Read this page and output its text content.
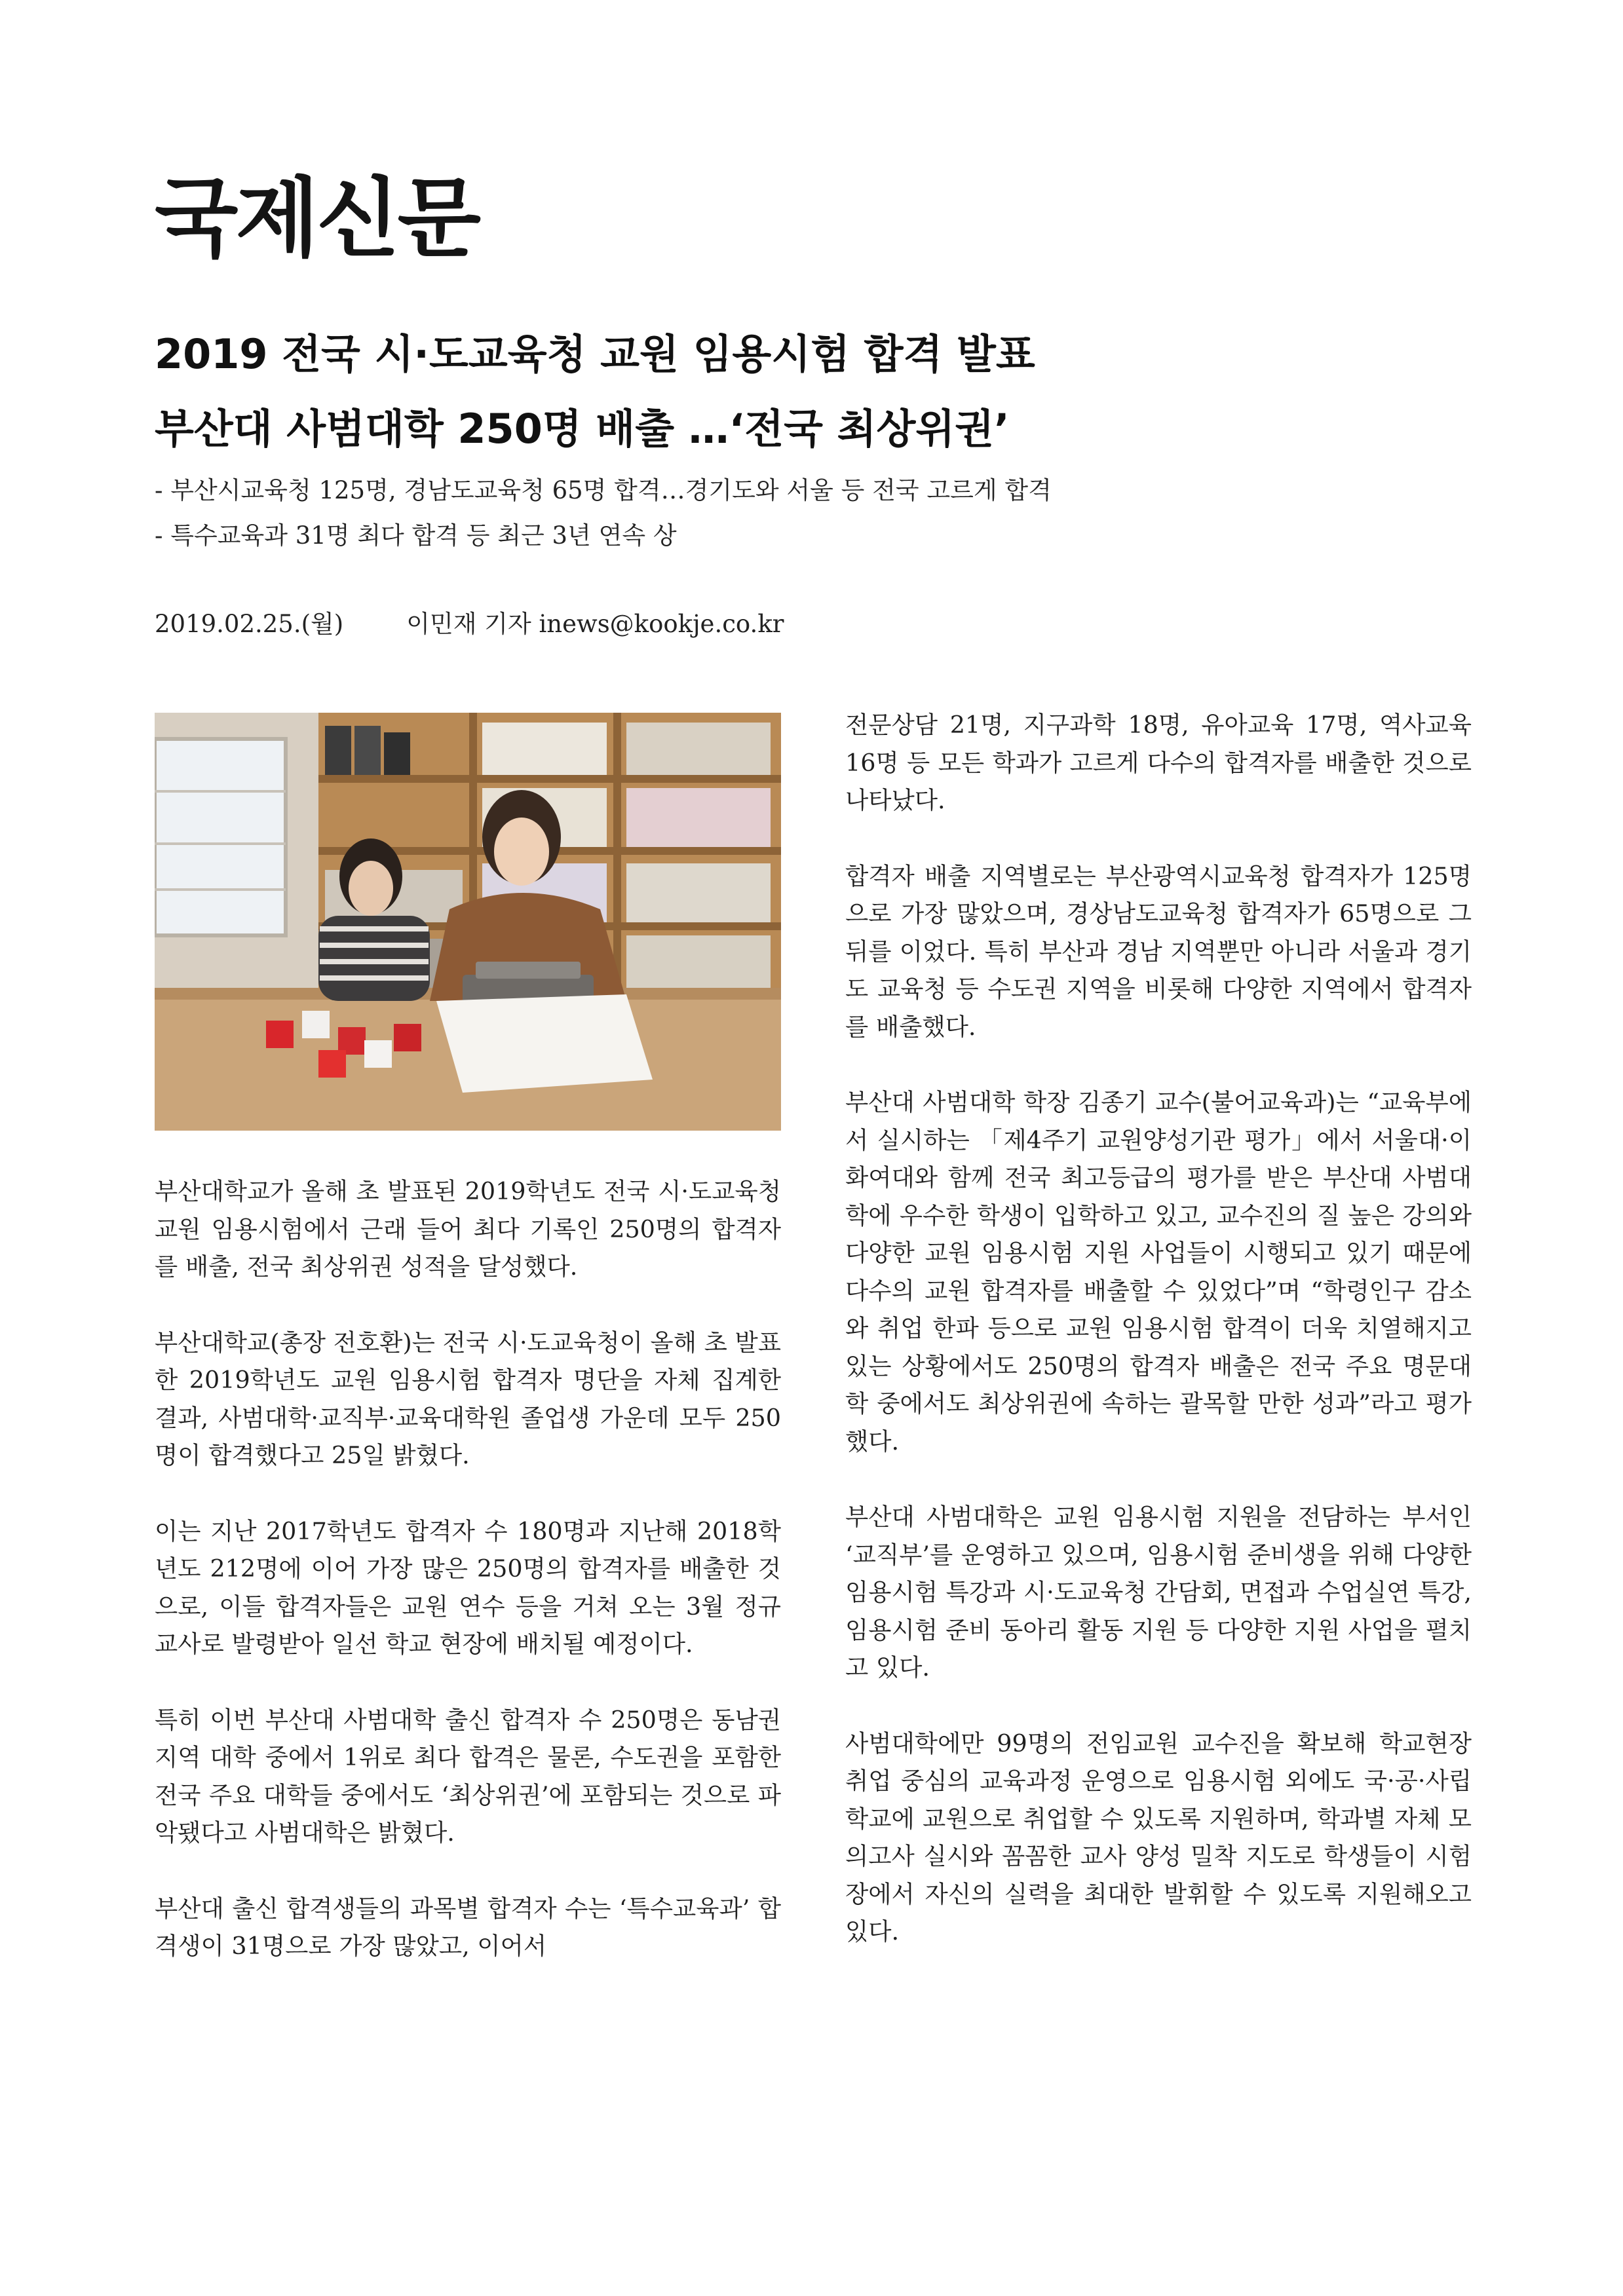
국제신문
2019 전국 시·도교육청 교원 임용시험 합격 발표
부산대 사범대학 250명 배출 …‘전국 최상위권’
- 부산시교육청 125명, 경남도교육청 65명 합격…경기도와 서울 등 전국 고르게 합격
- 특수교육과 31명 최다 합격 등 최근 3년 연속 상
2019.02.25.(월)	이민재 기자 inews@kookje.co.kr

부산대학교가 올해 초 발표된 2019학년도 전국 시·도교육청 교원 임용시험에서 근래 들어 최다 기록인 250명의 합격자를 배출, 전국 최상위권 성적을 달성했다.

부산대학교(총장 전호환)는 전국 시·도교육청이 올해 초 발표한 2019학년도 교원 임용시험 합격자 명단을 자체 집계한 결과, 사범대학·교직부·교육대학원 졸업생 가운데 모두 250명이 합격했다고 25일 밝혔다.

이는 지난 2017학년도 합격자 수 180명과 지난해 2018학년도 212명에 이어 가장 많은 250명의 합격자를 배출한 것으로, 이들 합격자들은 교원 연수 등을 거쳐 오는 3월 정규 교사로 발령받아 일선 학교 현장에 배치될 예정이다.

특히 이번 부산대 사범대학 출신 합격자 수 250명은 동남권 지역 대학 중에서 1위로 최다 합격은 물론, 수도권을 포함한 전국 주요 대학들 중에서도 ‘최상위권’에 포함되는 것으로 파악됐다고 사범대학은 밝혔다.

부산대 출신 합격생들의 과목별 합격자 수는 ‘특수교육과’ 합격생이 31명으로 가장 많았고, 이어서

전문상담 21명, 지구과학 18명, 유아교육 17명, 역사교육 16명 등 모든 학과가 고르게 다수의 합격자를 배출한 것으로 나타났다.

합격자 배출 지역별로는 부산광역시교육청 합격자가 125명으로 가장 많았으며, 경상남도교육청 합격자가 65명으로 그 뒤를 이었다. 특히 부산과 경남 지역뿐만 아니라 서울과 경기도 교육청 등 수도권 지역을 비롯해 다양한 지역에서 합격자를 배출했다.

부산대 사범대학 학장 김종기 교수(불어교육과)는 “교육부에서 실시하는 「제4주기 교원양성기관 평가」에서 서울대·이화여대와 함께 전국 최고등급의 평가를 받은 부산대 사범대학에 우수한 학생이 입학하고 있고, 교수진의 질 높은 강의와 다양한 교원 임용시험 지원 사업들이 시행되고 있기 때문에 다수의 교원 합격자를 배출할 수 있었다”며 “학령인구 감소와 취업 한파 등으로 교원 임용시험 합격이 더욱 치열해지고 있는 상황에서도 250명의 합격자 배출은 전국 주요 명문대학 중에서도 최상위권에 속하는 괄목할 만한 성과”라고 평가했다.

부산대 사범대학은 교원 임용시험 지원을 전담하는 부서인 ‘교직부’를 운영하고 있으며, 임용시험 준비생을 위해 다양한 임용시험 특강과 시·도교육청 간담회, 면접과 수업실연 특강, 임용시험 준비 동아리 활동 지원 등 다양한 지원 사업을 펼치고 있다.

사범대학에만 99명의 전임교원 교수진을 확보해 학교현장 취업 중심의 교육과정 운영으로 임용시험 외에도 국·공·사립학교에 교원으로 취업할 수 있도록 지원하며, 학과별 자체 모의고사 실시와 꼼꼼한 교사 양성 밀착 지도로 학생들이 시험장에서 자신의 실력을 최대한 발휘할 수 있도록 지원해오고 있다.
